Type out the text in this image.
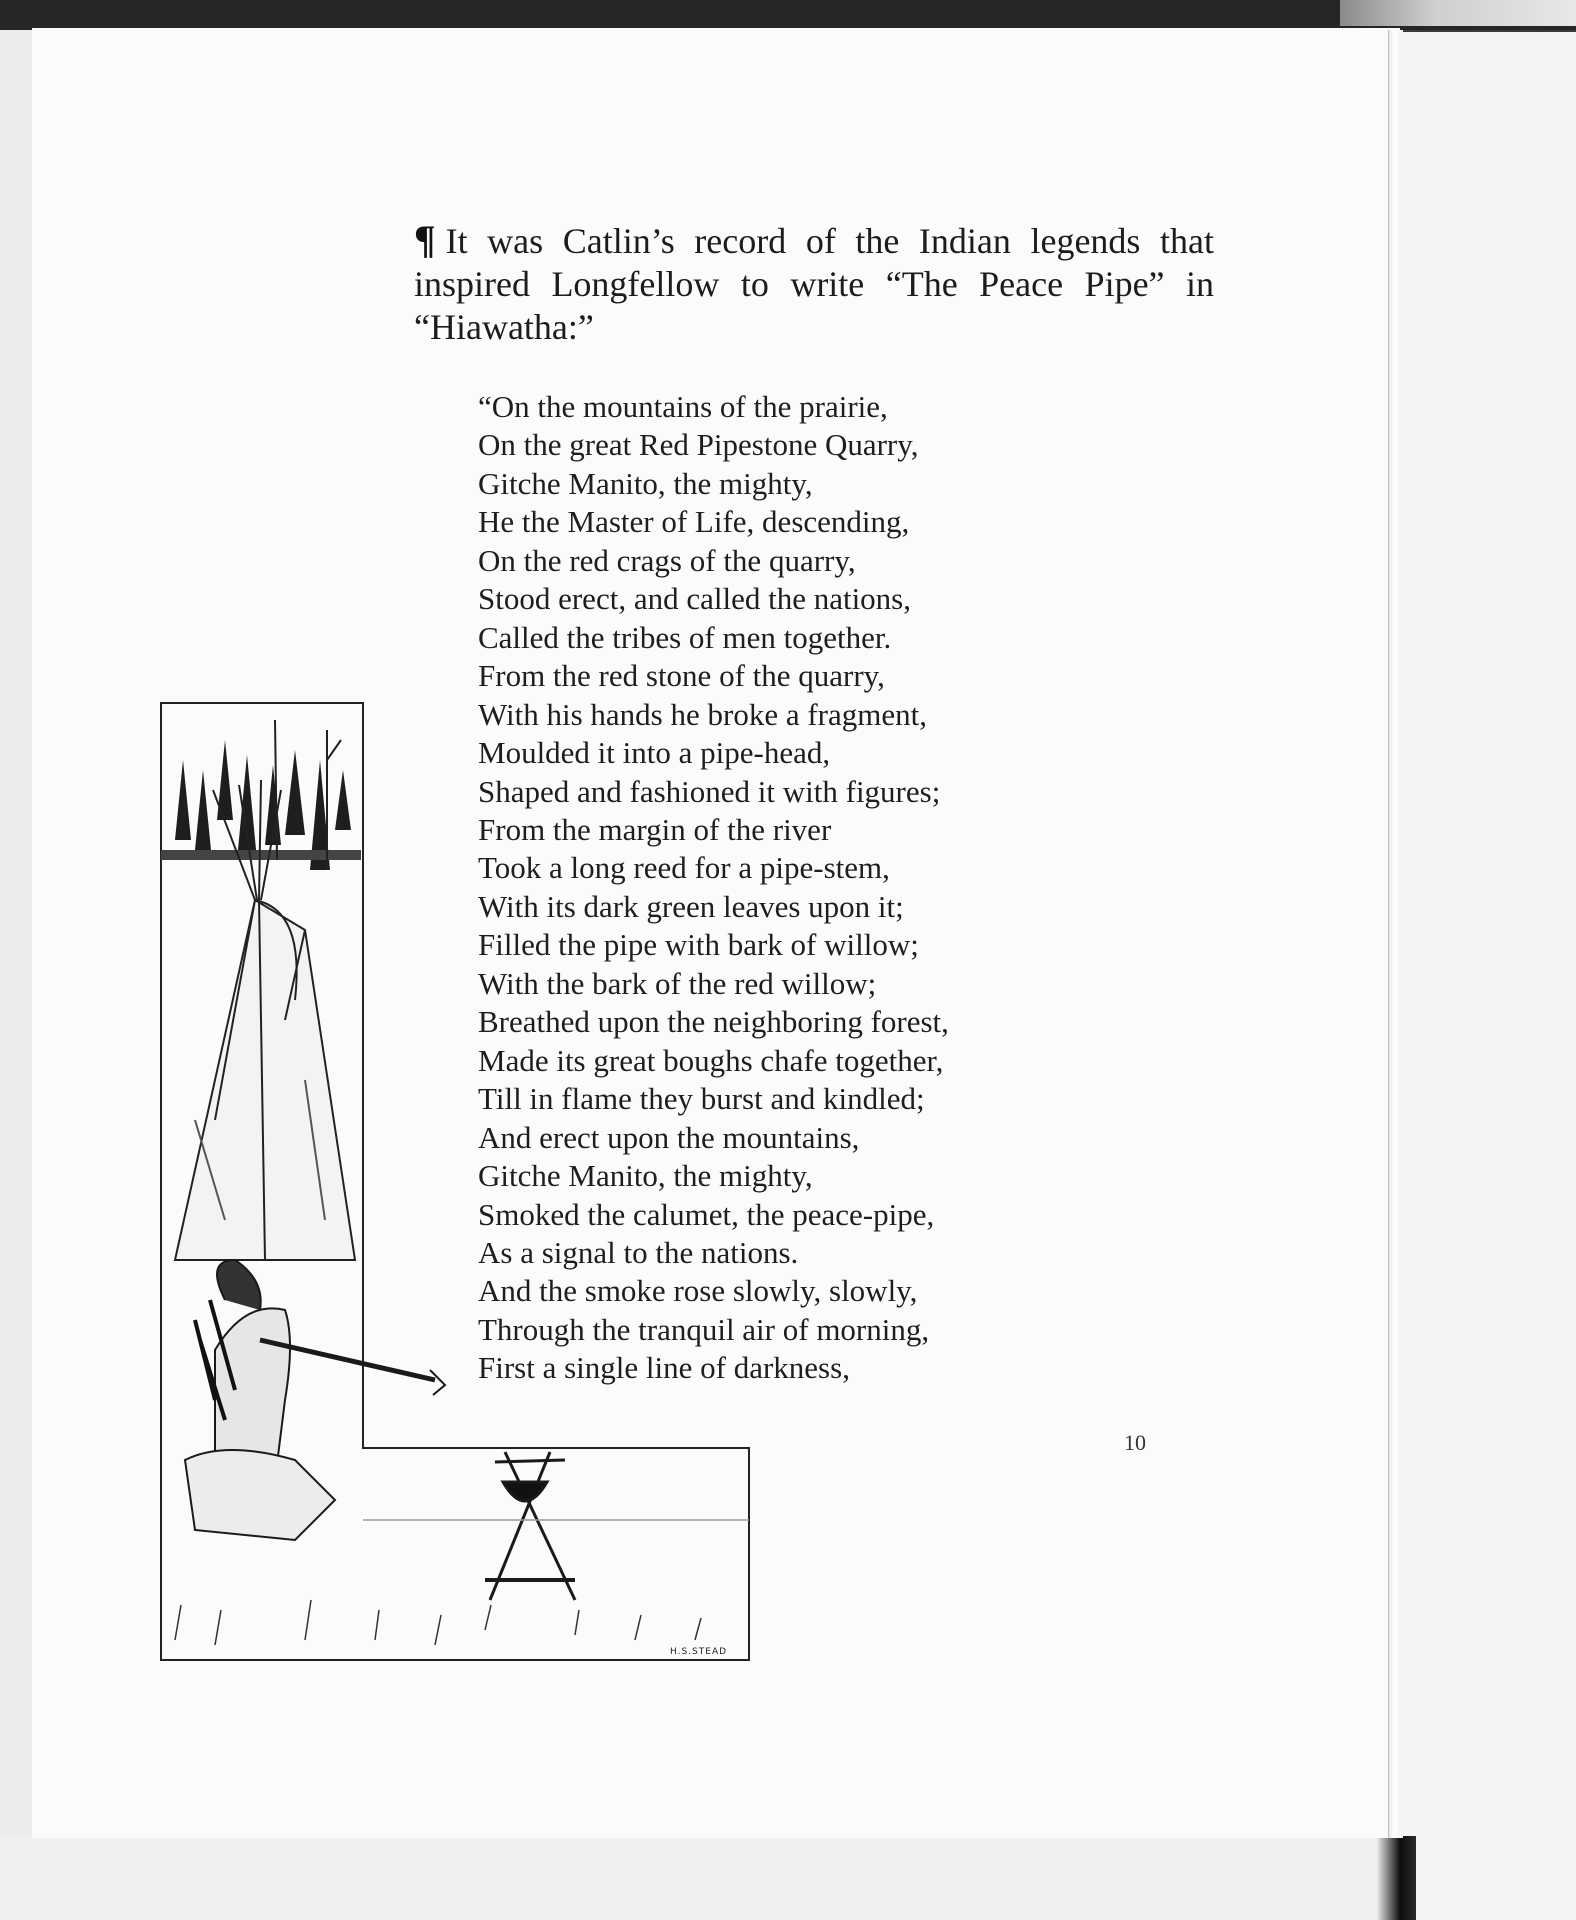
¶ It was Catlin’s record of the Indian legends that inspired Longfellow to write “The Peace Pipe” in “Hiawatha:”

“On the mountains of the prairie,
On the great Red Pipestone Quarry,
Gitche Manito, the mighty,
He the Master of Life, descending,
On the red crags of the quarry,
Stood erect, and called the nations,
Called the tribes of men together.
From the red stone of the quarry,
With his hands he broke a fragment,
Moulded it into a pipe-head,
Shaped and fashioned it with figures;
From the margin of the river
Took a long reed for a pipe-stem,
With its dark green leaves upon it;
Filled the pipe with bark of willow;
With the bark of the red willow;
Breathed upon the neighboring forest,
Made its great boughs chafe together,
Till in flame they burst and kindled;
And erect upon the mountains,
Gitche Manito, the mighty,
Smoked the calumet, the peace-pipe,
As a signal to the nations.
And the smoke rose slowly, slowly,
Through the tranquil air of morning,
First a single line of darkness,
10
H.S.STEAD
